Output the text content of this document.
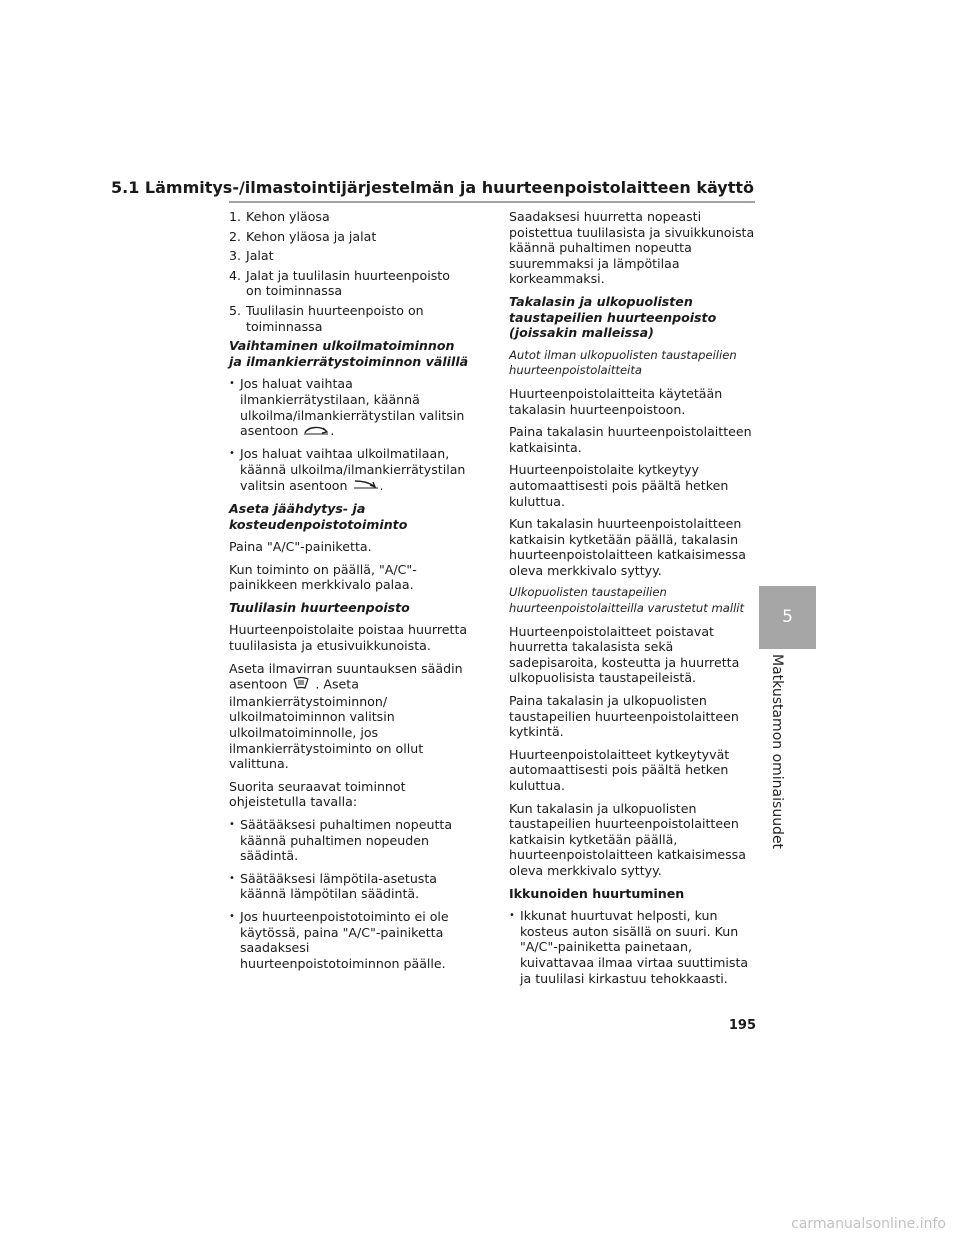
5.1 Lämmitys-/ilmastointijärjestelmän ja huurteenpoistolaitteen käyttö
1. Kehon yläosa
2. Kehon yläosa ja jalat
3. Jalat
4. Jalat ja tuulilasin huurteenpoisto on toiminnassa
5. Tuulilasin huurteenpoisto on toiminnassa

Vaihtaminen ulkoilmatoiminnon ja ilmankierrätystoiminnon välillä

• Jos haluat vaihtaa ilmankierrätystilaan, käännä ulkoilma/ilmankierrätystilan valitsin asentoon	.
• Jos haluat vaihtaa ulkoilmatilaan, käännä ulkoilma/ilmankierrätystilan valitsin asentoon	.

Aseta jäähdytys- ja kosteudenpoistotoiminto

Paina "A/C"-painiketta.

Kun toiminto on päällä, "A/C"-painikkeen merkkivalo palaa.

Tuulilasin huurteenpoisto

Huurteenpoistolaite poistaa huurretta tuulilasista ja etusivuikkunoista.

Aseta ilmavirran suuntauksen säädin asentoon . Aseta ilmankierrätystoiminnon/ ulkoilmatoiminnon valitsin ulkoilmatoiminnolle, jos ilmankierrätystoiminto on ollut valittuna.

Suorita seuraavat toiminnot ohjeistetulla tavalla:

• Säätääksesi puhaltimen nopeutta käännä puhaltimen nopeuden säädintä.
• Säätääksesi lämpötila-asetusta käännä lämpötilan säädintä.
• Jos huurteenpoistotoiminto ei ole käytössä, paina "A/C"-painiketta saadaksesi huurteenpoistotoiminnon päälle.

Saadaksesi huurretta nopeasti poistettua tuulilasista ja sivuikkunoista käännä puhaltimen nopeutta suuremmaksi ja lämpötilaa korkeammaksi.

Takalasin ja ulkopuolisten taustapeilien huurteenpoisto (joissakin malleissa)

Autot ilman ulkopuolisten taustapeilien huurteenpoistolaitteita

Huurteenpoistolaitteita käytetään takalasin huurteenpoistoon.

Paina takalasin huurteenpoistolaitteen katkaisinta.

Huurteenpoistolaite kytkeytyy automaattisesti pois päältä hetken kuluttua.

Kun takalasin huurteenpoistolaitteen katkaisin kytketään päällä, takalasin huurteenpoistolaitteen katkaisimessa oleva merkkivalo syttyy.

Ulkopuolisten taustapeilien huurteenpoistolaitteilla varustetut mallit

Huurteenpoistolaitteet poistavat huurretta takalasista sekä sadepisaroita, kosteutta ja huurretta ulkopuolisista taustapeileistä.

Paina takalasin ja ulkopuolisten taustapeilien huurteenpoistolaitteen kytkintä.

Huurteenpoistolaitteet kytkeytyvät automaattisesti pois päältä hetken kuluttua.

Kun takalasin ja ulkopuolisten taustapeilien huurteenpoistolaitteen katkaisin kytketään päällä, huurteenpoistolaitteen katkaisimessa oleva merkkivalo syttyy.

Ikkunoiden huurtuminen

• Ikkunat huurtuvat helposti, kun kosteus auton sisällä on suuri. Kun "A/C"-painiketta painetaan, kuivattavaa ilmaa virtaa suuttimista ja tuulilasi kirkastuu tehokkaasti.
5
Matkustamon ominaisuudet
195
carmanualsonline.info
